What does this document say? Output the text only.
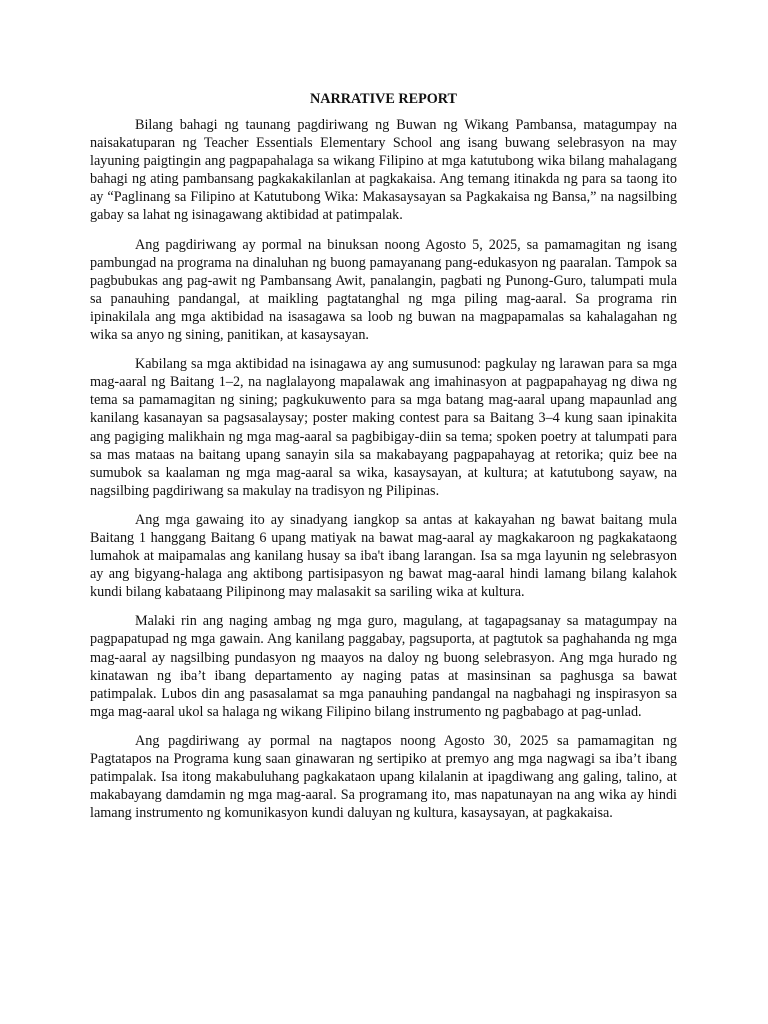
NARRATIVE REPORT

Bilang bahagi ng taunang pagdiriwang ng Buwan ng Wikang Pambansa, matagumpay na naisakatuparan ng Teacher Essentials Elementary School ang isang buwang selebrasyon na may layuning paigtingin ang pagpapahalaga sa wikang Filipino at mga katutubong wika bilang mahalagang bahagi ng ating pambansang pagkakakilanlan at pagkakaisa. Ang temang itinakda ng para sa taong ito ay “Paglinang sa Filipino at Katutubong Wika: Makasaysayan sa Pagkakaisa ng Bansa,” na nagsilbing gabay sa lahat ng isinagawang aktibidad at patimpalak.

Ang pagdiriwang ay pormal na binuksan noong Agosto 5, 2025, sa pamamagitan ng isang pambungad na programa na dinaluhan ng buong pamayanang pang-edukasyon ng paaralan. Tampok sa pagbubukas ang pag-awit ng Pambansang Awit, panalangin, pagbati ng Punong-Guro, talumpati mula sa panauhing pandangal, at maikling pagtatanghal ng mga piling mag-aaral. Sa programa rin ipinakilala ang mga aktibidad na isasagawa sa loob ng buwan na magpapamalas sa kahalagahan ng wika sa anyo ng sining, panitikan, at kasaysayan.

Kabilang sa mga aktibidad na isinagawa ay ang sumusunod: pagkulay ng larawan para sa mga mag-aaral ng Baitang 1–2, na naglalayong mapalawak ang imahinasyon at pagpapahayag ng diwa ng tema sa pamamagitan ng sining; pagkukuwento para sa mga batang mag-aaral upang mapaunlad ang kanilang kasanayan sa pagsasalaysay; poster making contest para sa Baitang 3–4 kung saan ipinakita ang pagiging malikhain ng mga mag-aaral sa pagbibigay-diin sa tema; spoken poetry at talumpati para sa mas mataas na baitang upang sanayin sila sa makabayang pagpapahayag at retorika; quiz bee na sumubok sa kaalaman ng mga mag-aaral sa wika, kasaysayan, at kultura; at katutubong sayaw, na nagsilbing pagdiriwang sa makulay na tradisyon ng Pilipinas.

Ang mga gawaing ito ay sinadyang iangkop sa antas at kakayahan ng bawat baitang mula Baitang 1 hanggang Baitang 6 upang matiyak na bawat mag-aaral ay magkakaroon ng pagkakataong lumahok at maipamalas ang kanilang husay sa iba't ibang larangan. Isa sa mga layunin ng selebrasyon ay ang bigyang-halaga ang aktibong partisipasyon ng bawat mag-aaral hindi lamang bilang kalahok kundi bilang kabataang Pilipinong may malasakit sa sariling wika at kultura.

Malaki rin ang naging ambag ng mga guro, magulang, at tagapagsanay sa matagumpay na pagpapatupad ng mga gawain. Ang kanilang paggabay, pagsuporta, at pagtutok sa paghahanda ng mga mag-aaral ay nagsilbing pundasyon ng maayos na daloy ng buong selebrasyon. Ang mga hurado ng kinatawan ng iba’t ibang departamento ay naging patas at masinsinan sa paghusga sa bawat patimpalak. Lubos din ang pasasalamat sa mga panauhing pandangal na nagbahagi ng inspirasyon sa mga mag-aaral ukol sa halaga ng wikang Filipino bilang instrumento ng pagbabago at pag-unlad.

Ang pagdiriwang ay pormal na nagtapos noong Agosto 30, 2025 sa pamamagitan ng Pagtatapos na Programa kung saan ginawaran ng sertipiko at premyo ang mga nagwagi sa iba’t ibang patimpalak. Isa itong makabuluhang pagkakataon upang kilalanin at ipagdiwang ang galing, talino, at makabayang damdamin ng mga mag-aaral. Sa programang ito, mas napatunayan na ang wika ay hindi lamang instrumento ng komunikasyon kundi daluyan ng kultura, kasaysayan, at pagkakaisa.
